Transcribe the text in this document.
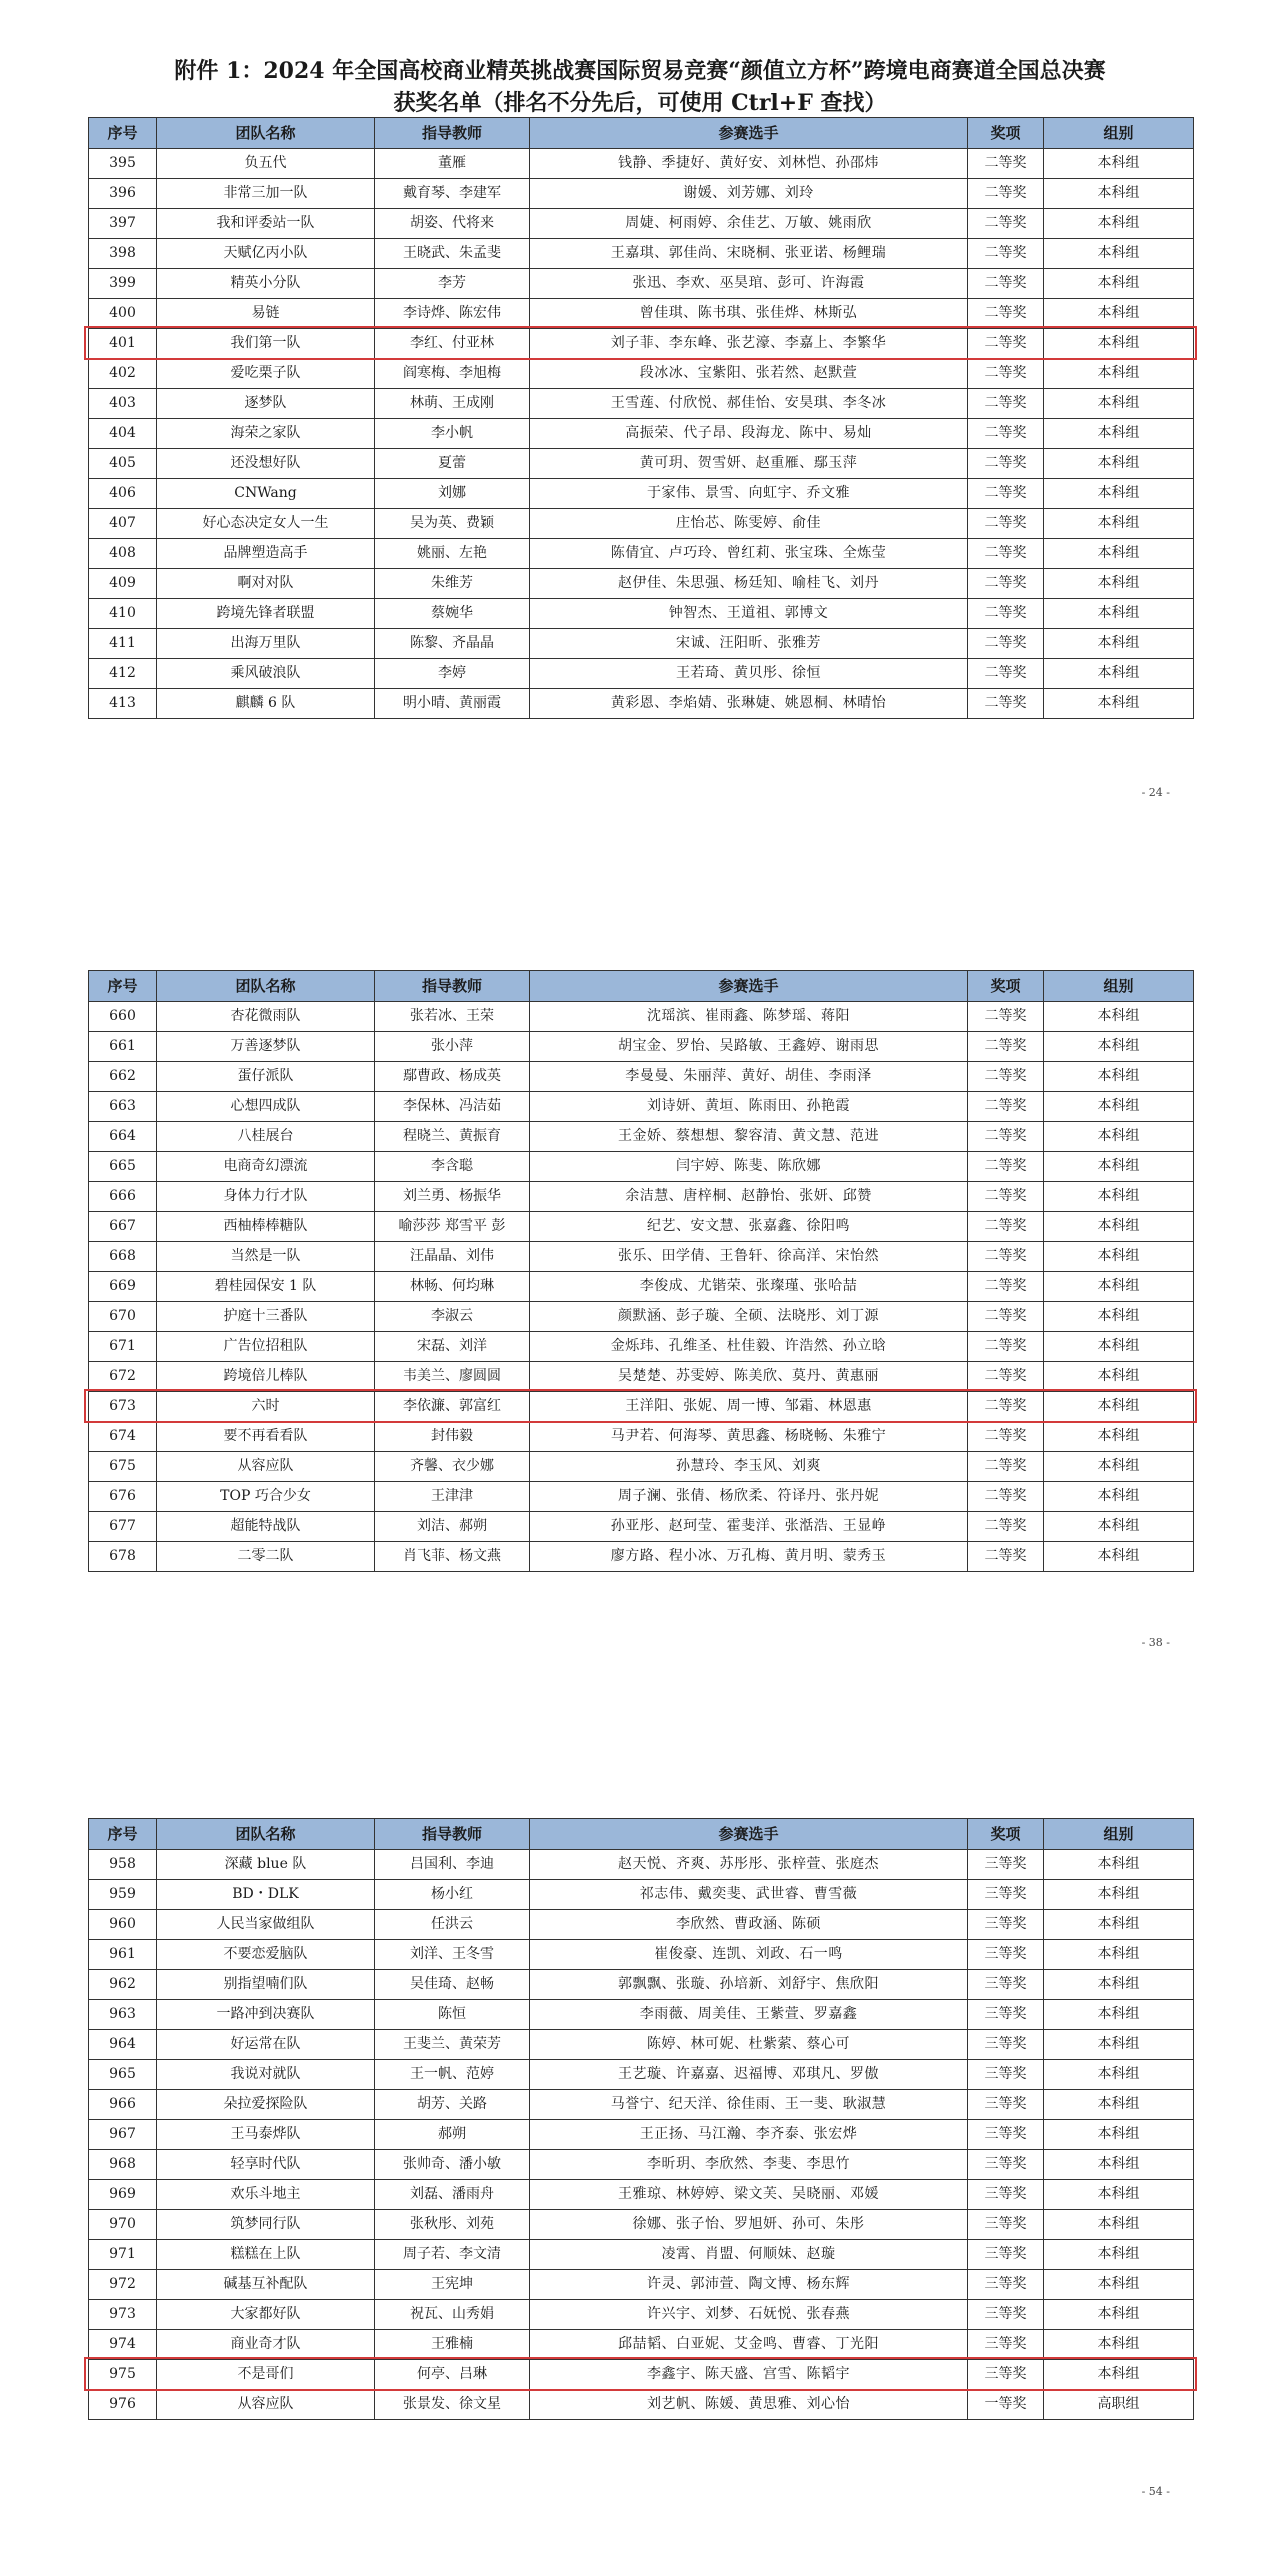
附件 1：2024 年全国高校商业精英挑战赛国际贸易竞赛“颜值立方杯”跨境电商赛道全国总决赛
获奖名单（排名不分先后，可使用 Ctrl+F 查找）
序号	团队名称	指导教师	参赛选手	奖项	组别
395	负五代	董雁	钱静、季捷好、黄好安、刘林恺、孙邵炜	二等奖	本科组
396	非常三加一队	戴育琴、李建军	谢媛、刘芳娜、刘玲	二等奖	本科组
397	我和评委站一队	胡姿、代将来	周婕、柯雨婷、余佳艺、万敏、姚雨欣	二等奖	本科组
398	天赋亿丙小队	王晓武、朱孟斐	王嘉琪、郭佳尚、宋晓桐、张亚诺、杨鲤瑞	二等奖	本科组
399	精英小分队	李芳	张迅、李欢、巫昊琯、彭可、许海霞	二等奖	本科组
400	易链	李诗烨、陈宏伟	曾佳琪、陈书琪、张佳烨、林斯弘	二等奖	本科组
401	我们第一队	李红、付亚林	刘子菲、李东峰、张艺濠、李嘉上、李繁华	二等奖	本科组
402	爱吃栗子队	阎寒梅、李旭梅	段冰冰、宝紫阳、张若然、赵默萱	二等奖	本科组
403	逐梦队	林萌、王成刚	王雪莲、付欣悦、郝佳怡、安昊琪、李冬冰	二等奖	本科组
404	海荣之家队	李小帆	高振荣、代子昂、段海龙、陈中、易灿	二等奖	本科组
405	还没想好队	夏蕾	黄可玥、贺雪妍、赵重雁、鄢玉萍	二等奖	本科组
406	CNWang	刘娜	于家伟、景雪、向虹宇、乔文雅	二等奖	本科组
407	好心态决定女人一生	吴为英、费颖	庄怡芯、陈雯婷、俞佳	二等奖	本科组
408	品牌塑造高手	姚丽、左艳	陈倩宜、卢巧玲、曾红莉、张宝珠、全炼莹	二等奖	本科组
409	啊对对队	朱维芳	赵伊佳、朱思强、杨廷知、喻桂飞、刘丹	二等奖	本科组
410	跨境先锋者联盟	蔡婉华	钟智杰、王道祖、郭博文	二等奖	本科组
411	出海万里队	陈黎、齐晶晶	宋诚、汪阳昕、张雅芳	二等奖	本科组
412	乘风破浪队	李婷	王若琦、黄贝彤、徐恒	二等奖	本科组
413	麒麟 6 队	明小晴、黄丽霞	黄彩恩、李焰婧、张琳婕、姚恩桐、林晴怡	二等奖	本科组
- 24 -
序号	团队名称	指导教师	参赛选手	奖项	组别
660	杏花微雨队	张若冰、王荣	沈瑶滨、崔雨鑫、陈梦瑶、蒋阳	二等奖	本科组
661	万善逐梦队	张小萍	胡宝金、罗怡、吴路敏、王鑫婷、谢雨思	二等奖	本科组
662	蛋仔派队	鄢曹政、杨成英	李曼曼、朱丽萍、黄好、胡佳、李雨泽	二等奖	本科组
663	心想四成队	李保林、冯洁茹	刘诗妍、黄垣、陈雨田、孙艳霞	二等奖	本科组
664	八桂展台	程晓兰、黄振育	王金娇、蔡想想、黎容清、黄文慧、范进	二等奖	本科组
665	电商奇幻漂流	李含聪	闫宇婷、陈斐、陈欣娜	二等奖	本科组
666	身体力行才队	刘兰勇、杨振华	余洁慧、唐梓桐、赵静怡、张妍、邱赞	二等奖	本科组
667	西柚棒棒糖队	喻莎莎 郑雪平 彭	纪艺、安文慧、张嘉鑫、徐阳鸣	二等奖	本科组
668	当然是一队	汪晶晶、刘伟	张乐、田学倩、王鲁轩、徐高洋、宋怡然	二等奖	本科组
669	碧桂园保安 1 队	林畅、何均琳	李俊成、尤锴荣、张璨瑾、张哈喆	二等奖	本科组
670	护庭十三番队	李淑云	颜默涵、彭子璇、全硕、法晓彤、刘丁源	二等奖	本科组
671	广告位招租队	宋磊、刘洋	金烁玮、孔维圣、杜佳毅、许浩然、孙立晗	二等奖	本科组
672	跨境倍儿棒队	韦美兰、廖圆圆	吴楚楚、苏雯婷、陈美欣、莫丹、黄惠丽	二等奖	本科组
673	六时	李依濂、郭富红	王洋阳、张妮、周一博、邹霜、林恩惠	二等奖	本科组
674	要不再看看队	封伟毅	马尹若、何海琴、黄思鑫、杨晓畅、朱雅宁	二等奖	本科组
675	从容应队	齐馨、衣少娜	孙慧玲、李玉风、刘爽	二等奖	本科组
676	TOP 巧合少女	王津津	周子澜、张倩、杨欣柔、符译丹、张丹妮	二等奖	本科组
677	超能特战队	刘洁、郝朔	孙亚彤、赵珂莹、霍斐洋、张湉浩、王显峥	二等奖	本科组
678	二零二队	肖飞菲、杨文燕	廖方路、程小冰、万孔梅、黄月明、蒙秀玉	二等奖	本科组
- 38 -
序号	团队名称	指导教师	参赛选手	奖项	组别
958	深藏 blue 队	吕国利、李迪	赵天悦、齐爽、苏彤彤、张梓萱、张庭杰	三等奖	本科组
959	BD・DLK	杨小红	祁志伟、戴奕斐、武世睿、曹雪薇	三等奖	本科组
960	人民当家做组队	任洪云	李欣然、曹政涵、陈硕	三等奖	本科组
961	不要恋爱脑队	刘洋、王冬雪	崔俊豪、连凯、刘政、石一鸣	三等奖	本科组
962	别指望喃们队	吴佳琦、赵畅	郭飘飘、张璇、孙培新、刘舒宇、焦欣阳	三等奖	本科组
963	一路冲到决赛队	陈恒	李雨薇、周美佳、王紫萱、罗嘉鑫	三等奖	本科组
964	好运常在队	王斐兰、黄荣芳	陈婷、林可妮、杜紫萦、蔡心可	三等奖	本科组
965	我说对就队	王一帆、范婷	王艺璇、许嘉嘉、迟福博、邓琪凡、罗傲	三等奖	本科组
966	朵拉爱探险队	胡芳、关路	马誉宁、纪天洋、徐佳雨、王一斐、耿淑慧	三等奖	本科组
967	王马泰烨队	郝朔	王正扬、马江瀚、李齐泰、张宏烨	三等奖	本科组
968	轻享时代队	张帅奇、潘小敏	李昕玥、李欣然、李斐、李思竹	三等奖	本科组
969	欢乐斗地主	刘磊、潘雨舟	王雅琼、林婷婷、梁文芙、吴晓丽、邓媛	三等奖	本科组
970	筑梦同行队	张秋彤、刘苑	徐娜、张子怡、罗旭妍、孙可、朱彤	三等奖	本科组
971	糕糕在上队	周子若、李文清	凌霄、肖盟、何顺妹、赵璇	三等奖	本科组
972	碱基互补配队	王宪坤	许灵、郭沛萱、陶文博、杨东辉	三等奖	本科组
973	大家都好队	祝瓦、山秀娟	许兴宇、刘梦、石妩悦、张春燕	三等奖	本科组
974	商业奇才队	王雅楠	邱喆韬、白亚妮、艾金鸣、曹睿、丁光阳	三等奖	本科组
975	不是哥们	何亭、吕琳	李鑫宇、陈天盛、宫雪、陈韬宇	三等奖	本科组
976	从容应队	张景发、徐文星	刘艺帆、陈媛、黄思雅、刘心怡	一等奖	高职组
- 54 -
